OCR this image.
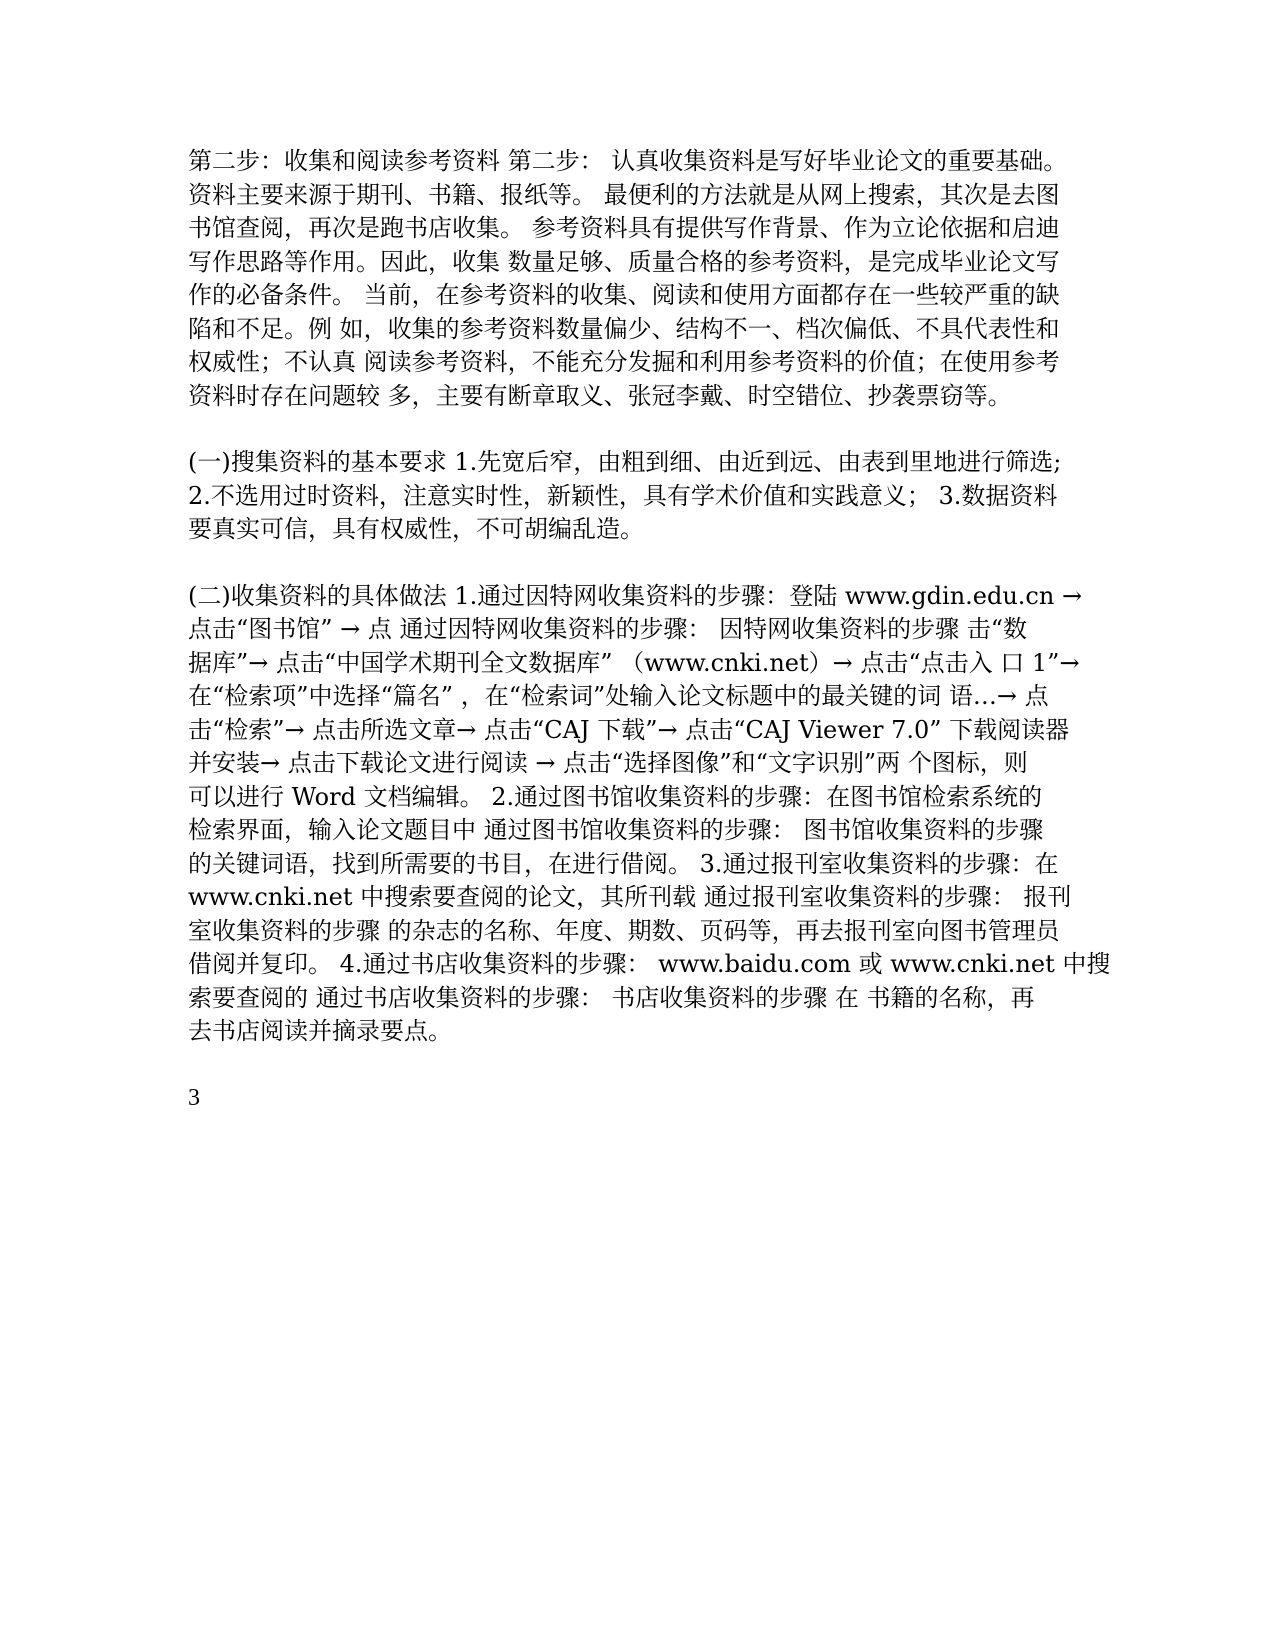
第二步：收集和阅读参考资料 第二步： 认真收集资料是写好毕业论文的重要基础。
资料主要来源于期刊、书籍、报纸等。 最便利的方法就是从网上搜索，其次是去图
书馆查阅，再次是跑书店收集。 参考资料具有提供写作背景、作为立论依据和启迪
写作思路等作用。因此，收集 数量足够、质量合格的参考资料，是完成毕业论文写
作的必备条件。 当前，在参考资料的收集、阅读和使用方面都存在一些较严重的缺
陷和不足。例 如，收集的参考资料数量偏少、结构不一、档次偏低、不具代表性和
权威性；不认真 阅读参考资料，不能充分发掘和利用参考资料的价值；在使用参考
资料时存在问题较 多，主要有断章取义、张冠李戴、时空错位、抄袭票窃等。
(一)搜集资料的基本要求 1.先宽后窄，由粗到细、由近到远、由表到里地进行筛选;
2.不选用过时资料，注意实时性，新颖性，具有学术价值和实践意义； 3.数据资料
要真实可信，具有权威性，不可胡编乱造。
(二)收集资料的具体做法 1.通过因特网收集资料的步骤：登陆 www.gdin.edu.cn →
点击“图书馆” → 点 通过因特网收集资料的步骤： 因特网收集资料的步骤 击“数
据库”→ 点击“中国学术期刊全文数据库” （www.cnki.net）→ 点击“点击入 口 1”→
在“检索项”中选择“篇名” ，在“检索词”处输入论文标题中的最关键的词 语…→ 点
击“检索”→ 点击所选文章→ 点击“CAJ 下载”→ 点击“CAJ Viewer 7.0” 下载阅读器
并安装→ 点击下载论文进行阅读 → 点击“选择图像”和“文字识别”两 个图标，则
可以进行 Word 文档编辑。 2.通过图书馆收集资料的步骤：在图书馆检索系统的
检索界面，输入论文题目中 通过图书馆收集资料的步骤： 图书馆收集资料的步骤
的关键词语，找到所需要的书目，在进行借阅。 3.通过报刊室收集资料的步骤：在
www.cnki.net 中搜索要查阅的论文，其所刊载 通过报刊室收集资料的步骤： 报刊
室收集资料的步骤 的杂志的名称、年度、期数、页码等，再去报刊室向图书管理员
借阅并复印。 4.通过书店收集资料的步骤： www.baidu.com 或 www.cnki.net 中搜
索要查阅的 通过书店收集资料的步骤： 书店收集资料的步骤 在 书籍的名称，再
去书店阅读并摘录要点。
3
